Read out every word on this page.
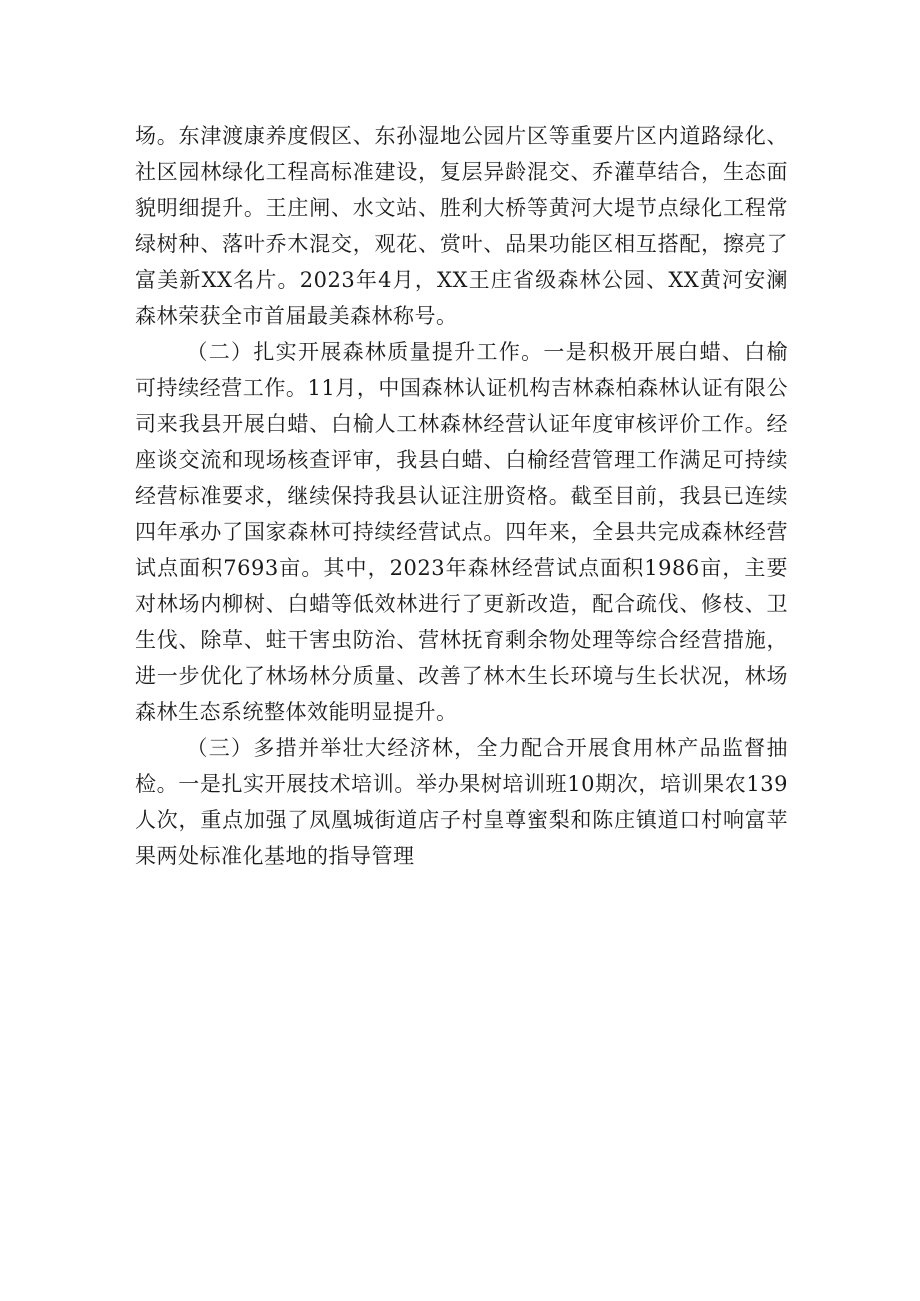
场。东津渡康养度假区、东孙湿地公园片区等重要片区内道路绿化、社区园林绿化工程高标准建设，复层异龄混交、乔灌草结合，生态面貌明细提升。王庄闸、水文站、胜利大桥等黄河大堤节点绿化工程常绿树种、落叶乔木混交，观花、赏叶、品果功能区相互搭配，擦亮了富美新XX名片。2023年4月，XX王庄省级森林公园、XX黄河安澜森林荣获全市首届最美森林称号。

（二）扎实开展森林质量提升工作。一是积极开展白蜡、白榆可持续经营工作。11月，中国森林认证机构吉林森柏森林认证有限公司来我县开展白蜡、白榆人工林森林经营认证年度审核评价工作。经座谈交流和现场核查评审，我县白蜡、白榆经营管理工作满足可持续经营标准要求，继续保持我县认证注册资格。截至目前，我县已连续四年承办了国家森林可持续经营试点。四年来，全县共完成森林经营试点面积7693亩。其中，2023年森林经营试点面积1986亩，主要对林场内柳树、白蜡等低效林进行了更新改造，配合疏伐、修枝、卫生伐、除草、蛀干害虫防治、营林抚育剩余物处理等综合经营措施，进一步优化了林场林分质量、改善了林木生长环境与生长状况，林场森林生态系统整体效能明显提升。

（三）多措并举壮大经济林，全力配合开展食用林产品监督抽检。一是扎实开展技术培训。举办果树培训班10期次，培训果农139人次，重点加强了凤凰城街道店子村皇尊蜜梨和陈庄镇道口村响富苹果两处标准化基地的指导管理
